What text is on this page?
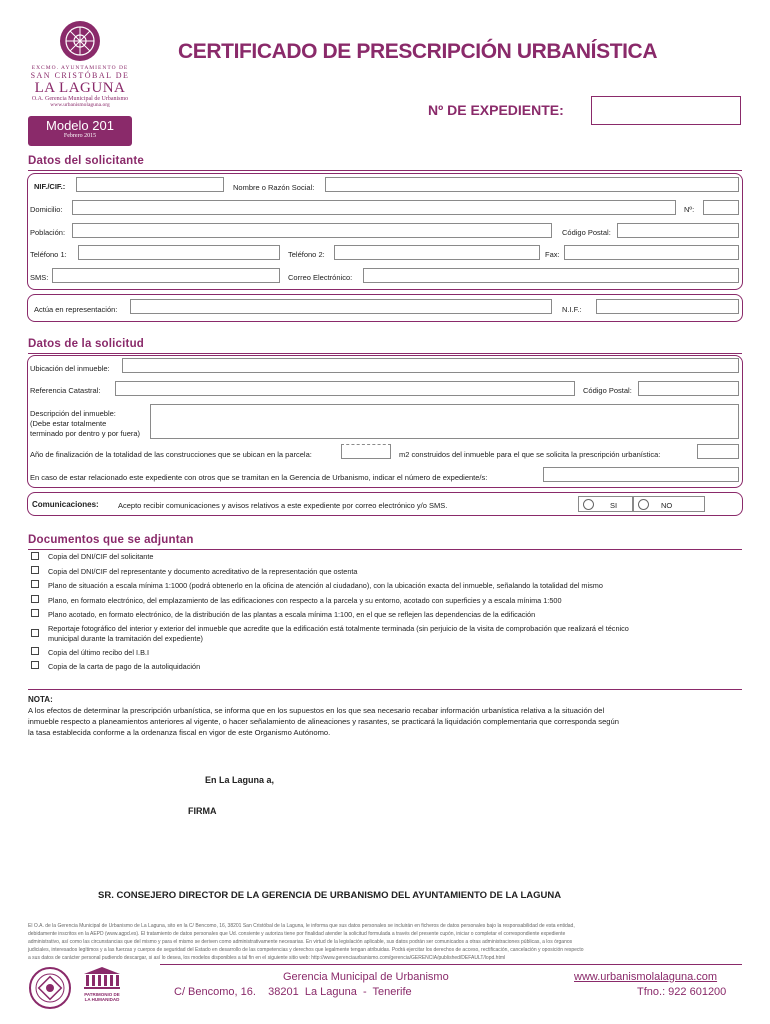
EXCMO. AYUNTAMIENTO DE
SAN CRISTÓBAL DE
LA LAGUNA
O.A. Gerencia Municipal de Urbanismo
www.urbanismolaguna.org
CERTIFICADO DE PRESCRIPCIÓN URBANÍSTICA
Nº DE EXPEDIENTE:
Modelo 201
Febrero 2015
Datos del solicitante
NIF./CIF.:	Nombre o Razón Social:
Domicilio:	Nº:
Población:	Código Postal:
Teléfono 1:	Teléfono 2:	Fax:
SMS:	Correo Electrónico:
Actúa en representación:	N.I.F.:
Datos de la solicitud
Ubicación del inmueble:
Referencia Catastral:	Código Postal:
Descripción del inmueble:
(Debe estar totalmente
terminado por dentro y por fuera)
Año de finalización de la totalidad de las construcciones que se ubican en la parcela:	m2 construidos del inmueble para el que se solicita la prescripción urbanística:
En caso de estar relacionado este expediente con otros que se tramitan en la Gerencia de Urbanismo, indicar el número de expediente/s:
Comunicaciones:	Acepto recibir comunicaciones y avisos relativos a este expediente por correo electrónico y/o SMS.	SI	NO
Documentos que se adjuntan
Copia del DNI/CIF del solicitante
Copia del DNI/CIF del representante y documento acreditativo de la representación que ostenta
Plano de situación a escala mínima 1:1000 (podrá obtenerlo en la oficina de atención al ciudadano), con la ubicación exacta del inmueble, señalando la totalidad del mismo
Plano, en formato electrónico, del emplazamiento de las edificaciones con respecto a la parcela y su entorno, acotado con superficies y a escala mínima 1:500
Plano acotado, en formato electrónico, de la distribución de las plantas a escala mínima 1:100, en el que se reflejen las dependencias de la edificación
Reportaje fotográfico del interior y exterior del inmueble que acredite que la edificación está totalmente terminada (sin perjuicio de la visita de comprobación que realizará el técnico
municipal durante la tramitación del expediente)
Copia del último recibo del I.B.I
Copia de la carta de pago de la autoliquidación
NOTA:
A los efectos de determinar la prescripción urbanística, se informa que en los supuestos en los que sea necesario recabar información urbanística relativa a la situación del
inmueble respecto a planeamientos anteriores al vigente, o hacer señalamiento de alineaciones y rasantes, se practicará la liquidación complementaria que corresponda según
la tasa establecida conforme a la ordenanza fiscal en vigor de este Organismo Autónomo.
En La Laguna a,
FIRMA
SR. CONSEJERO DIRECTOR DE LA GERENCIA DE URBANISMO DEL AYUNTAMIENTO DE LA LAGUNA
El O.A. de la Gerencia Municipal de Urbanismo de La Laguna, sito en la C/ Bencomo, 16, 38201 San Cristóbal de la Laguna, le informa que sus datos personales se incluirán en ficheros de datos personales bajo la responsabilidad de esta entidad,
debidamente inscritos en la AEPD (www.agpd.es). El tratamiento de datos personales que Ud. consiente y autoriza tiene por finalidad atender la solicitud formulada a través del presente cupón, iniciar o completar el correspondiente expediente
administrativo, así como las circunstancias que del mismo y para el mismo se deriven como administrativamente necesarias. En virtud de la legislación aplicable, sus datos podrán ser comunicados a otras administraciones públicas, a los órganos
judiciales, interesados legítimos y a las fuerzas y cuerpos de seguridad del Estado en desarrollo de las competencias y derechos que legalmente tengan atribuidas. Podrá ejercitar los derechos de acceso, rectificación, cancelación y oposición respecto
a sus datos de carácter personal pudiendo descargar, si así lo desea, los modelos disponibles a tal fin en el siguiente sitio web: http://www.gerenciaurbanismo.com/gerencia/GERENCIA/published/DEFAULT/lopd.html
PATRIMONIO DE
LA HUMANIDAD
Gerencia Municipal de Urbanismo
C/ Bencomo, 16.    38201  La Laguna  -  Tenerife
www.urbanismolalaguna.com
Tfno.: 922 601200
